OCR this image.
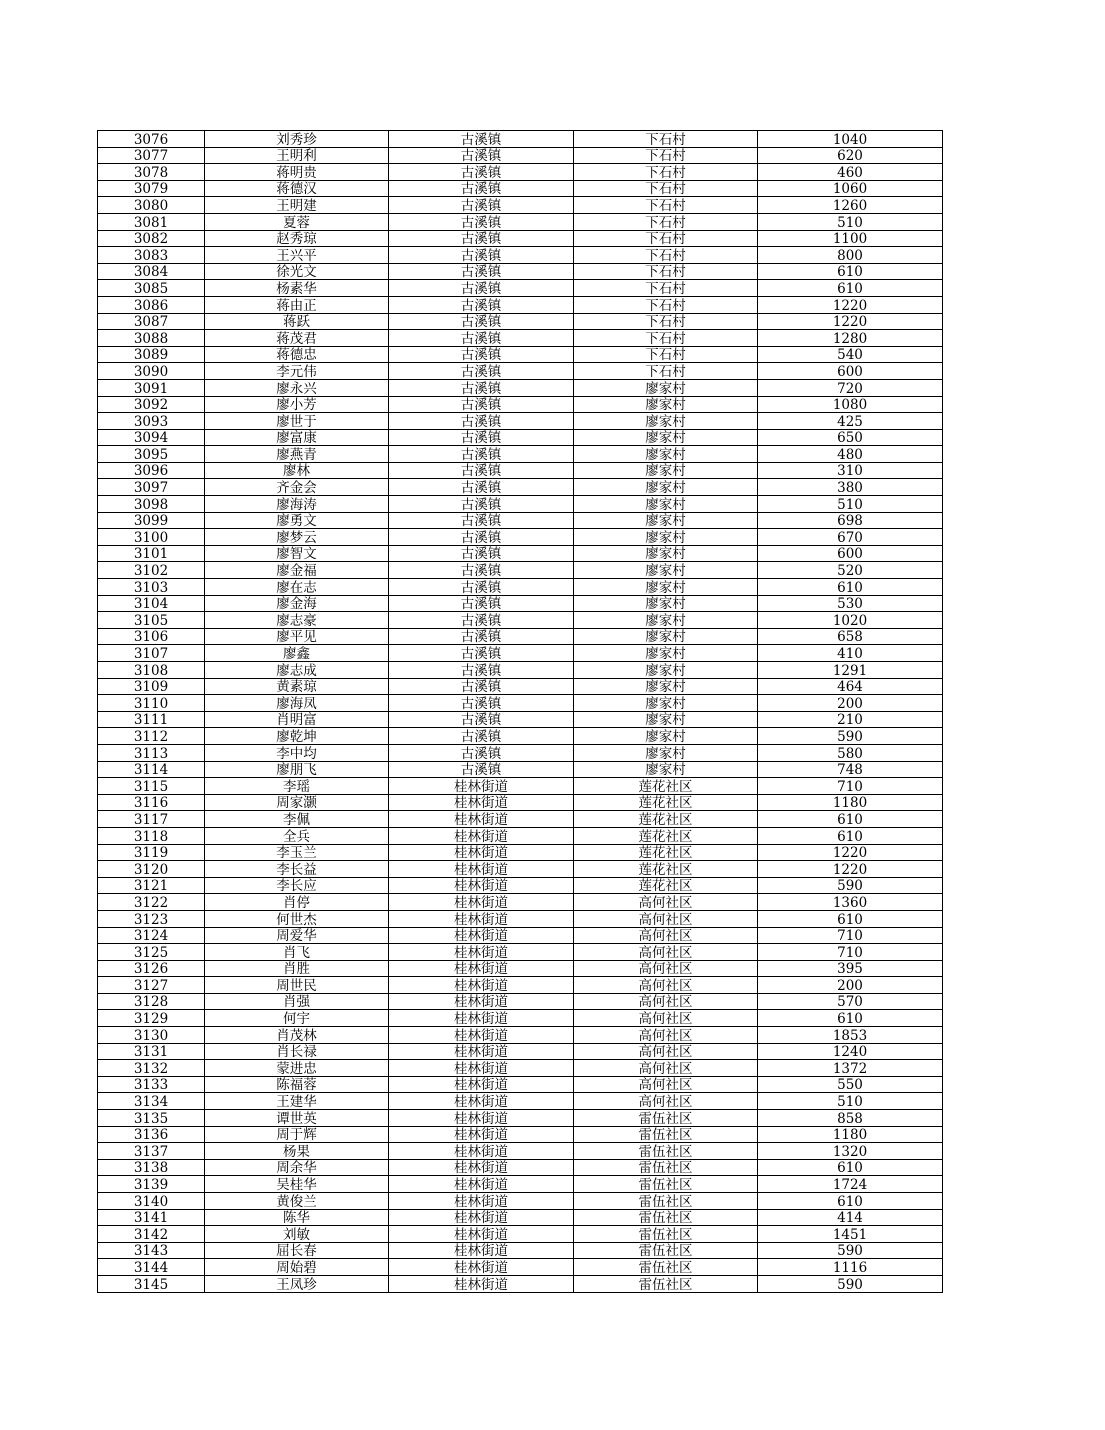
3076	刘秀珍	古溪镇	下石村	1040
3077	王明利	古溪镇	下石村	620
3078	蒋明贵	古溪镇	下石村	460
3079	蒋德汉	古溪镇	下石村	1060
3080	王明建	古溪镇	下石村	1260
3081	夏蓉	古溪镇	下石村	510
3082	赵秀琼	古溪镇	下石村	1100
3083	王兴平	古溪镇	下石村	800
3084	徐光文	古溪镇	下石村	610
3085	杨素华	古溪镇	下石村	610
3086	蒋由正	古溪镇	下石村	1220
3087	蒋跃	古溪镇	下石村	1220
3088	蒋茂君	古溪镇	下石村	1280
3089	蒋德忠	古溪镇	下石村	540
3090	李元伟	古溪镇	下石村	600
3091	廖永兴	古溪镇	廖家村	720
3092	廖小芳	古溪镇	廖家村	1080
3093	廖世于	古溪镇	廖家村	425
3094	廖富康	古溪镇	廖家村	650
3095	廖燕青	古溪镇	廖家村	480
3096	廖林	古溪镇	廖家村	310
3097	齐金会	古溪镇	廖家村	380
3098	廖海涛	古溪镇	廖家村	510
3099	廖勇文	古溪镇	廖家村	698
3100	廖梦云	古溪镇	廖家村	670
3101	廖智文	古溪镇	廖家村	600
3102	廖金福	古溪镇	廖家村	520
3103	廖在志	古溪镇	廖家村	610
3104	廖金海	古溪镇	廖家村	530
3105	廖志豪	古溪镇	廖家村	1020
3106	廖平见	古溪镇	廖家村	658
3107	廖鑫	古溪镇	廖家村	410
3108	廖志成	古溪镇	廖家村	1291
3109	黄素琼	古溪镇	廖家村	464
3110	廖海凤	古溪镇	廖家村	200
3111	肖明富	古溪镇	廖家村	210
3112	廖乾坤	古溪镇	廖家村	590
3113	李中均	古溪镇	廖家村	580
3114	廖朋飞	古溪镇	廖家村	748
3115	李瑶	桂林街道	莲花社区	710
3116	周家灏	桂林街道	莲花社区	1180
3117	李佩	桂林街道	莲花社区	610
3118	全兵	桂林街道	莲花社区	610
3119	李玉兰	桂林街道	莲花社区	1220
3120	李长益	桂林街道	莲花社区	1220
3121	李长应	桂林街道	莲花社区	590
3122	肖停	桂林街道	高何社区	1360
3123	何世杰	桂林街道	高何社区	610
3124	周爱华	桂林街道	高何社区	710
3125	肖飞	桂林街道	高何社区	710
3126	肖胜	桂林街道	高何社区	395
3127	周世民	桂林街道	高何社区	200
3128	肖强	桂林街道	高何社区	570
3129	何宇	桂林街道	高何社区	610
3130	肖茂林	桂林街道	高何社区	1853
3131	肖长禄	桂林街道	高何社区	1240
3132	蒙进忠	桂林街道	高何社区	1372
3133	陈福蓉	桂林街道	高何社区	550
3134	王建华	桂林街道	高何社区	510
3135	谭世英	桂林街道	雷伍社区	858
3136	周于辉	桂林街道	雷伍社区	1180
3137	杨果	桂林街道	雷伍社区	1320
3138	周余华	桂林街道	雷伍社区	610
3139	吴桂华	桂林街道	雷伍社区	1724
3140	黄俊兰	桂林街道	雷伍社区	610
3141	陈华	桂林街道	雷伍社区	414
3142	刘敏	桂林街道	雷伍社区	1451
3143	屈长春	桂林街道	雷伍社区	590
3144	周始碧	桂林街道	雷伍社区	1116
3145	王凤珍	桂林街道	雷伍社区	590
